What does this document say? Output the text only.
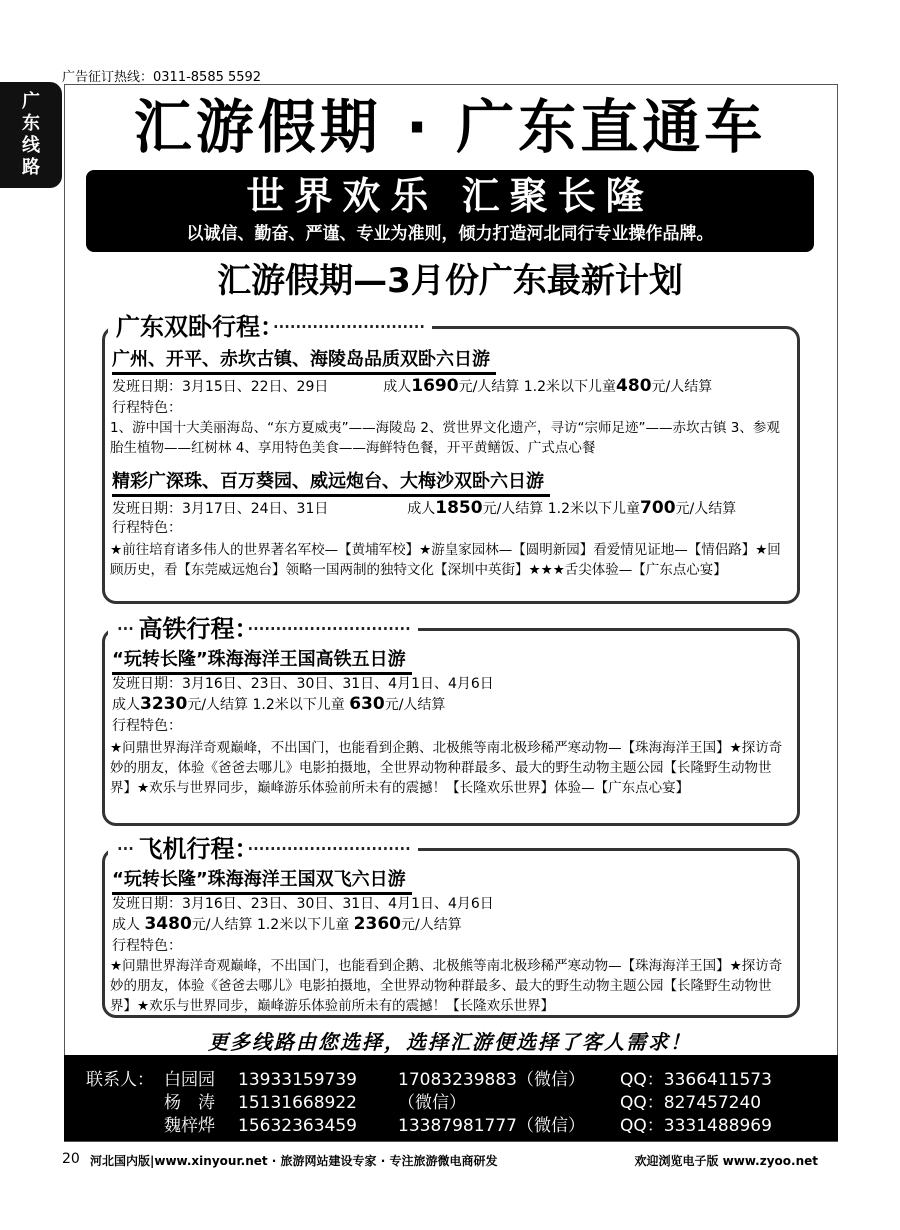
广告征订热线：0311-8585 5592
广
东
线
路
汇游假期 · 广东直通车
世界欢乐 汇聚长隆
以诚信、勤奋、严谨、专业为准则，倾力打造河北同行专业操作品牌。
汇游假期—3月份广东最新计划
广东双卧行程：···························
广州、开平、赤坎古镇、海陵岛品质双卧六日游
发班日期：3月15日、22日、29日	成人1690元/人结算 1.2米以下儿童480元/人结算
行程特色：
1、游中国十大美丽海岛、“东方夏威夷”——海陵岛 2、赏世界文化遗产，寻访“宗师足迹”——赤坎古镇 3、参观胎生植物——红树林 4、享用特色美食——海鲜特色餐，开平黄鳝饭、广式点心餐
精彩广深珠、百万葵园、威远炮台、大梅沙双卧六日游
发班日期：3月17日、24日、31日	成人1850元/人结算 1.2米以下儿童700元/人结算
行程特色：
★前往培育诸多伟人的世界著名军校—【黄埔军校】★游皇家园林—【圆明新园】看爱情见证地—【情侣路】★回顾历史，看【东莞威远炮台】领略一国两制的独特文化【深圳中英街】★★★舌尖体验—【广东点心宴】
··· 高铁行程：·····························
“玩转长隆”珠海海洋王国高铁五日游
发班日期：3月16日、23日、30日、31日、4月1日、4月6日
成人3230元/人结算 1.2米以下儿童 630元/人结算
行程特色：
★问鼎世界海洋奇观巅峰，不出国门，也能看到企鹅、北极熊等南北极珍稀严寒动物—【珠海海洋王国】★探访奇妙的朋友，体验《爸爸去哪儿》电影拍摄地，全世界动物种群最多、最大的野生动物主题公园【长隆野生动物世界】★欢乐与世界同步，巅峰游乐体验前所未有的震撼！【长隆欢乐世界】体验—【广东点心宴】
··· 飞机行程：·····························
“玩转长隆”珠海海洋王国双飞六日游
发班日期：3月16日、23日、30日、31日、4月1日、4月6日
成人 3480元/人结算 1.2米以下儿童 2360元/人结算
行程特色：
★问鼎世界海洋奇观巅峰，不出国门，也能看到企鹅、北极熊等南北极珍稀严寒动物—【珠海海洋王国】★探访奇妙的朋友，体验《爸爸去哪儿》电影拍摄地，全世界动物种群最多、最大的野生动物主题公园【长隆野生动物世界】★欢乐与世界同步，巅峰游乐体验前所未有的震撼！【长隆欢乐世界】
更多线路由您选择，选择汇游便选择了客人需求！
联系人： 白园园 13933159739 17083239883（微信） QQ：3366411573
杨　涛 15131668922 （微信）	QQ：827457240
魏梓烨 15632363459 13387981777（微信） QQ：3331488969
20 河北国内版|www.xinyour.net · 旅游网站建设专家 · 专注旅游微电商研发	欢迎浏览电子版 www.zyoo.net
